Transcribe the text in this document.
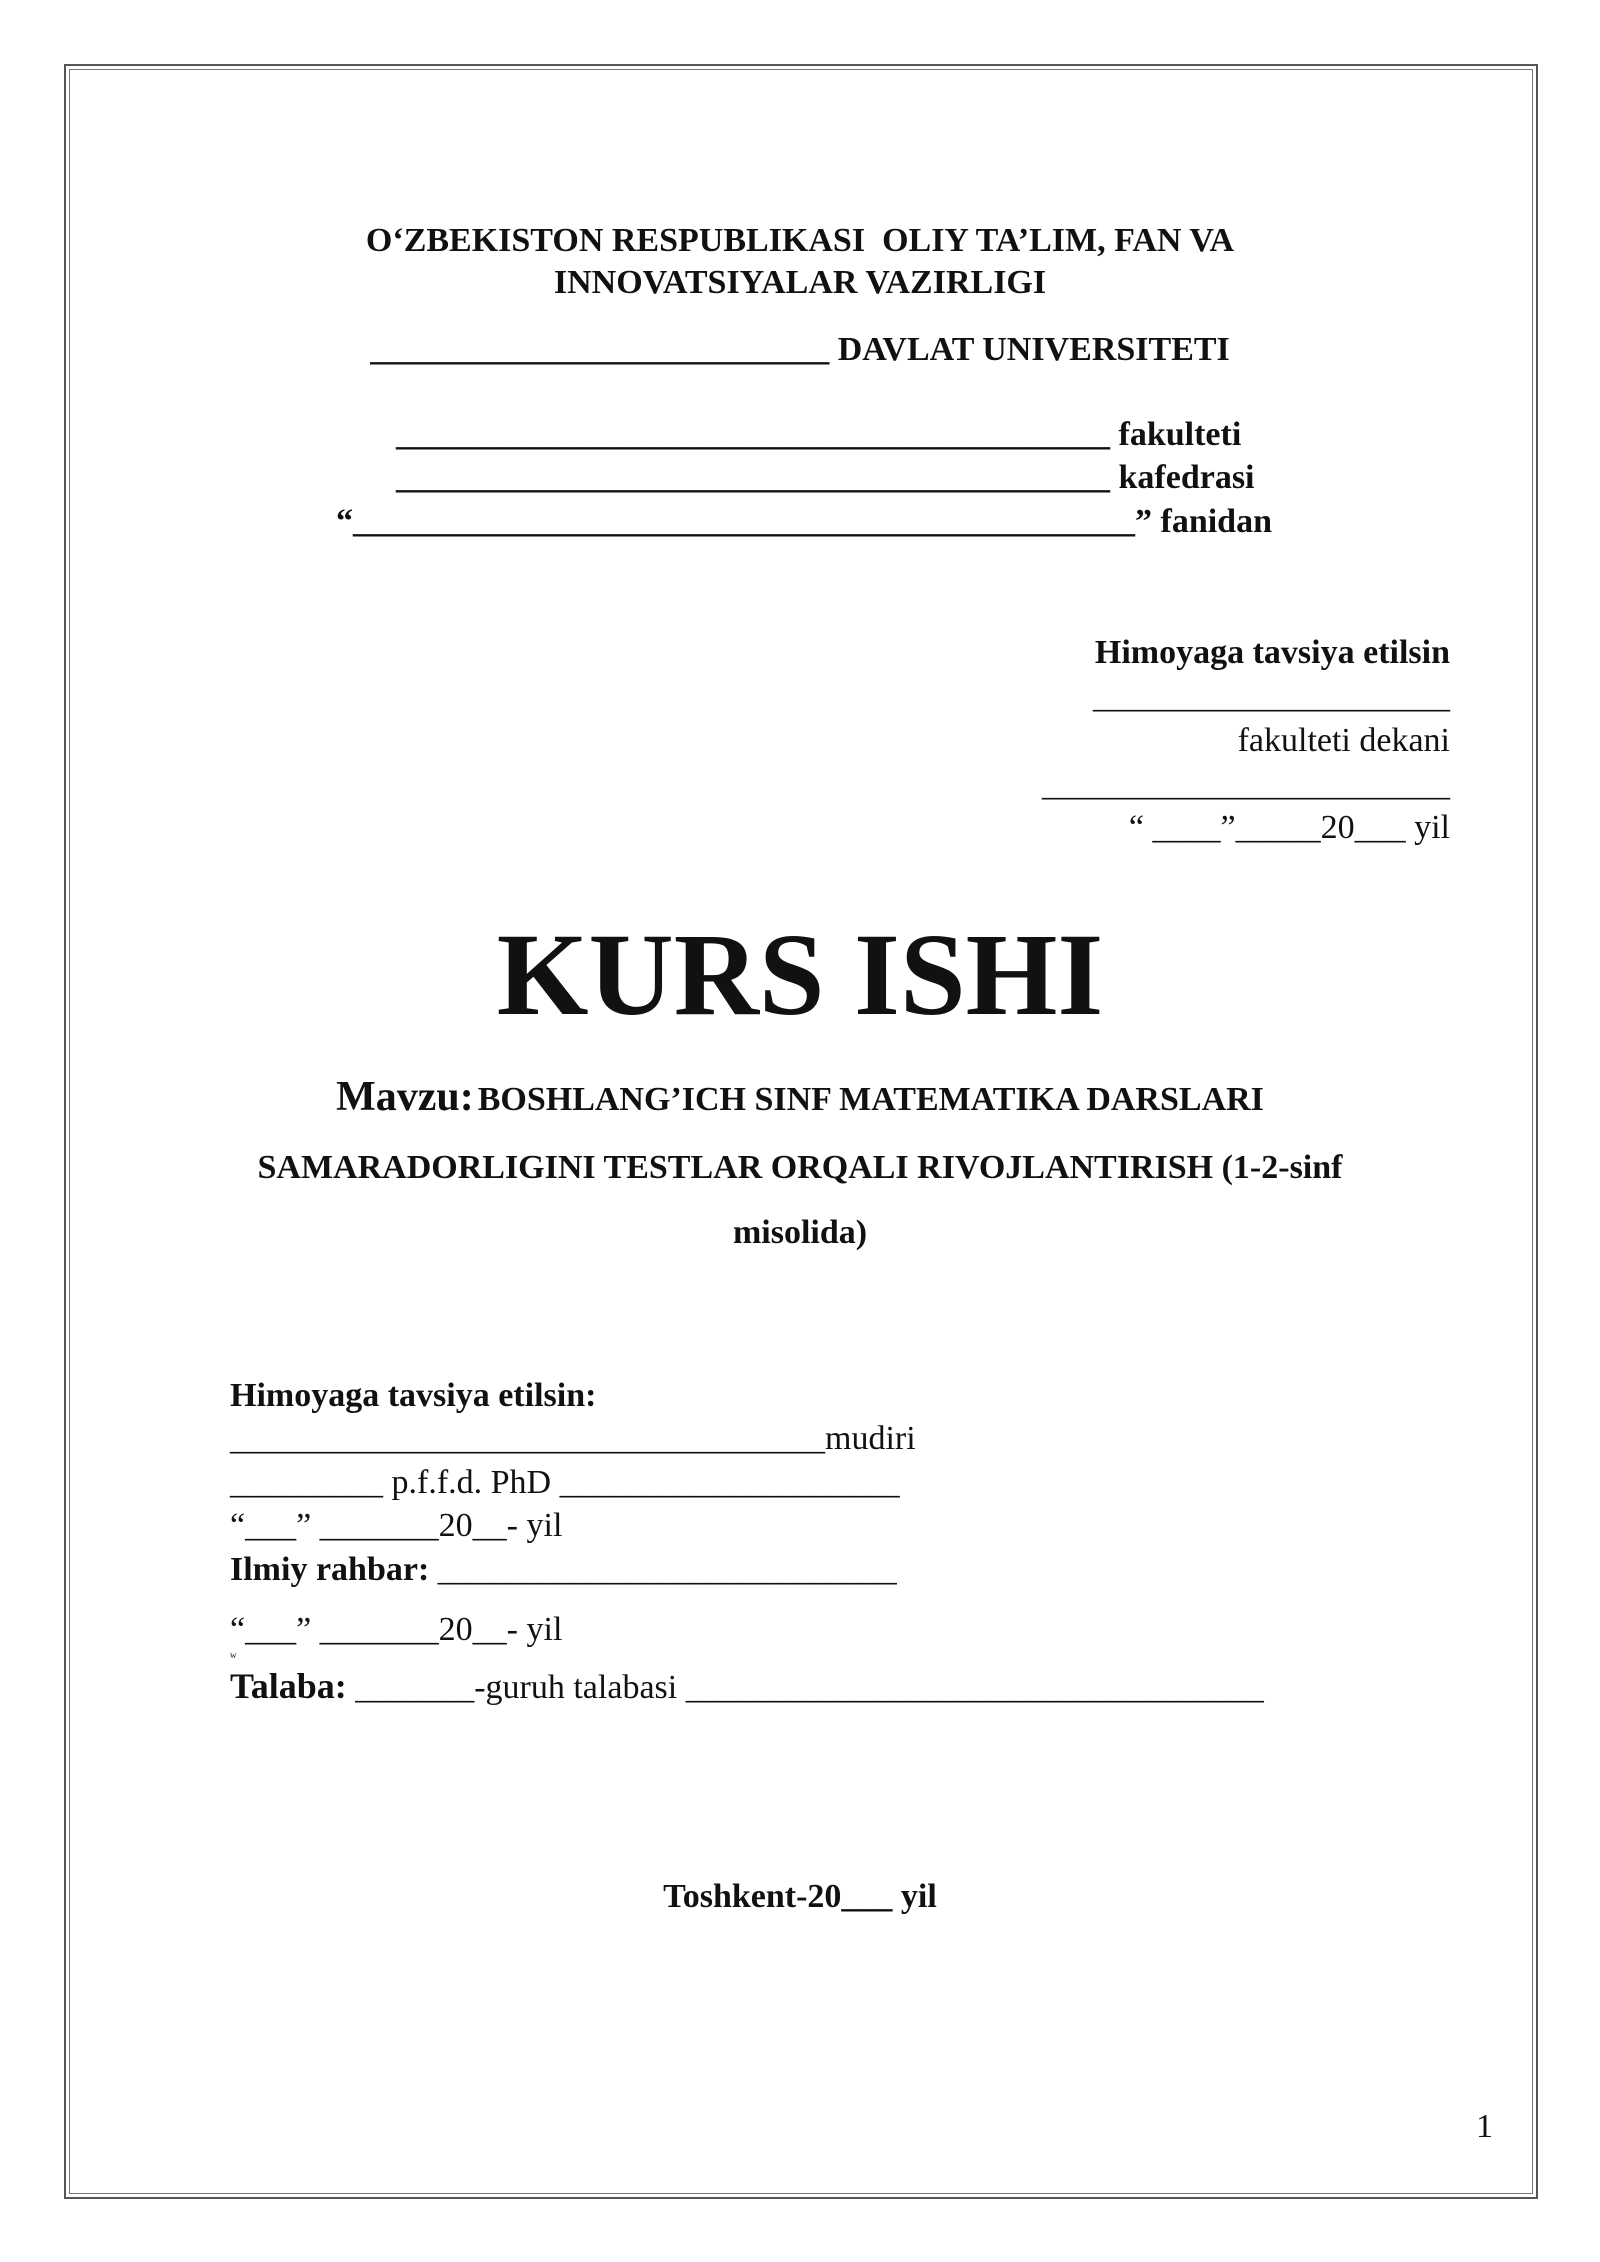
O‘ZBEKISTON RESPUBLIKASI  OLIY TA’LIM, FAN VA
INNOVATSIYALAR VAZIRLIGI
___________________________ DAVLAT UNIVERSITETI
__________________________________________ fakulteti
__________________________________________ kafedrasi
“______________________________________________” fanidan
Himoyaga tavsiya etilsin
_____________________
fakulteti dekani
________________________
“ ____”_____20___ yil
KURS ISHI
Mavzu: BOSHLANG’ICH SINF MATEMATIKA DARSLARI
SAMARADORLIGINI TESTLAR ORQALI RIVOJLANTIRISH (1-2-sinf
misolida)
Himoyaga tavsiya etilsin:
___________________________________mudiri
_________ p.f.f.d. PhD ____________________
“___” _______20__- yil
Ilmiy rahbar: ___________________________
“___” _______20__- yil
w
Talaba: _______-guruh talabasi __________________________________
Toshkent-20___ yil
1
